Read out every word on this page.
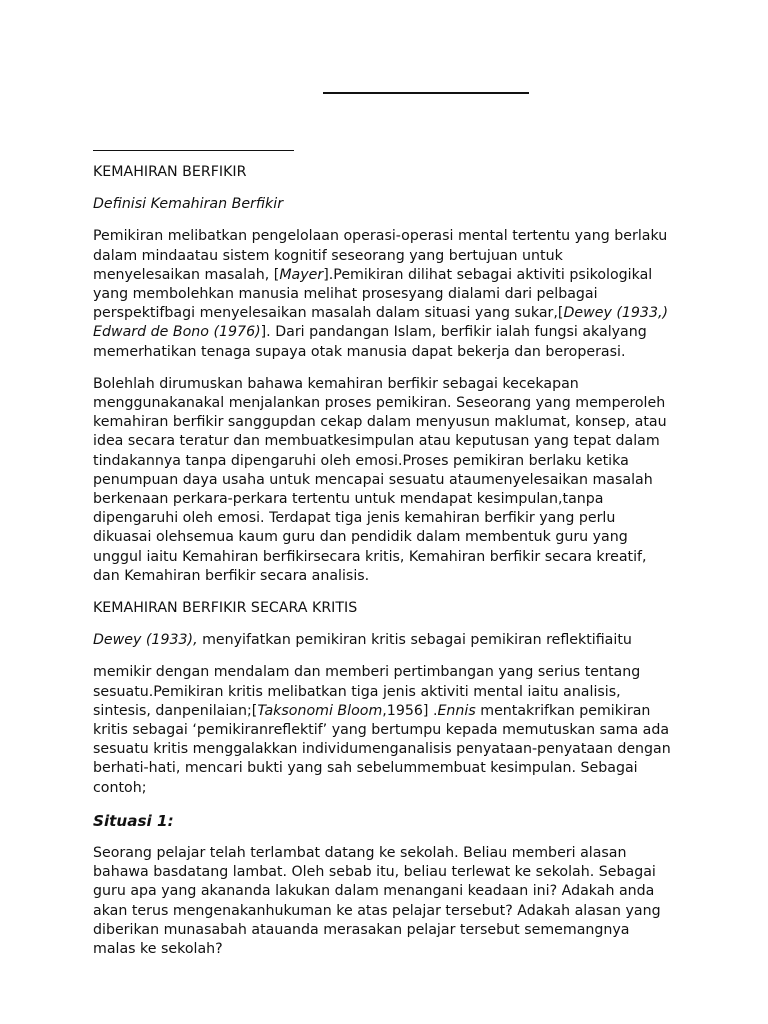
KEMAHIRAN BERFIKIR

Definisi Kemahiran Berfikir

Pemikiran melibatkan pengelolaan operasi-operasi mental tertentu yang berlaku
dalam mindaatau sistem kognitif seseorang yang bertujuan untuk
menyelesaikan masalah, [Mayer].Pemikiran dilihat sebagai aktiviti psikologikal
yang membolehkan manusia melihat prosesyang dialami dari pelbagai
perspektifbagi menyelesaikan masalah dalam situasi yang sukar,[Dewey (1933,)
Edward de Bono (1976)]. Dari pandangan Islam, berfikir ialah fungsi akalyang
memerhatikan tenaga supaya otak manusia dapat bekerja dan beroperasi.

Bolehlah dirumuskan bahawa kemahiran berfikir sebagai kecekapan
menggunakanakal menjalankan proses pemikiran. Seseorang yang memperoleh
kemahiran berfikir sanggupdan cekap dalam menyusun maklumat, konsep, atau
idea secara teratur dan membuatkesimpulan atau keputusan yang tepat dalam
tindakannya tanpa dipengaruhi oleh emosi.Proses pemikiran berlaku ketika
penumpuan daya usaha untuk mencapai sesuatu ataumenyelesaikan masalah
berkenaan perkara-perkara tertentu untuk mendapat kesimpulan,tanpa
dipengaruhi oleh emosi. Terdapat tiga jenis kemahiran berfikir yang perlu
dikuasai olehsemua kaum guru dan pendidik dalam membentuk guru yang
unggul iaitu Kemahiran berfikirsecara kritis, Kemahiran berfikir secara kreatif,
dan Kemahiran berfikir secara analisis.

KEMAHIRAN BERFIKIR SECARA KRITIS

Dewey (1933), menyifatkan pemikiran kritis sebagai pemikiran reflektifiaitu

memikir dengan mendalam dan memberi pertimbangan yang serius tentang
sesuatu.Pemikiran kritis melibatkan tiga jenis aktiviti mental iaitu analisis,
sintesis, danpenilaian;[Taksonomi Bloom,1956] .Ennis mentakrifkan pemikiran
kritis sebagai ‘pemikiranreflektif’ yang bertumpu kepada memutuskan sama ada
sesuatu kritis menggalakkan individumenganalisis penyataan-penyataan dengan
berhati-hati, mencari bukti yang sah sebelummembuat kesimpulan. Sebagai
contoh;

Situasi 1:

Seorang pelajar telah terlambat datang ke sekolah. Beliau memberi alasan
bahawa basdatang lambat. Oleh sebab itu, beliau terlewat ke sekolah. Sebagai
guru apa yang akananda lakukan dalam menangani keadaan ini? Adakah anda
akan terus mengenakanhukuman ke atas pelajar tersebut? Adakah alasan yang
diberikan munasabah atauanda merasakan pelajar tersebut sememangnya
malas ke sekolah?
